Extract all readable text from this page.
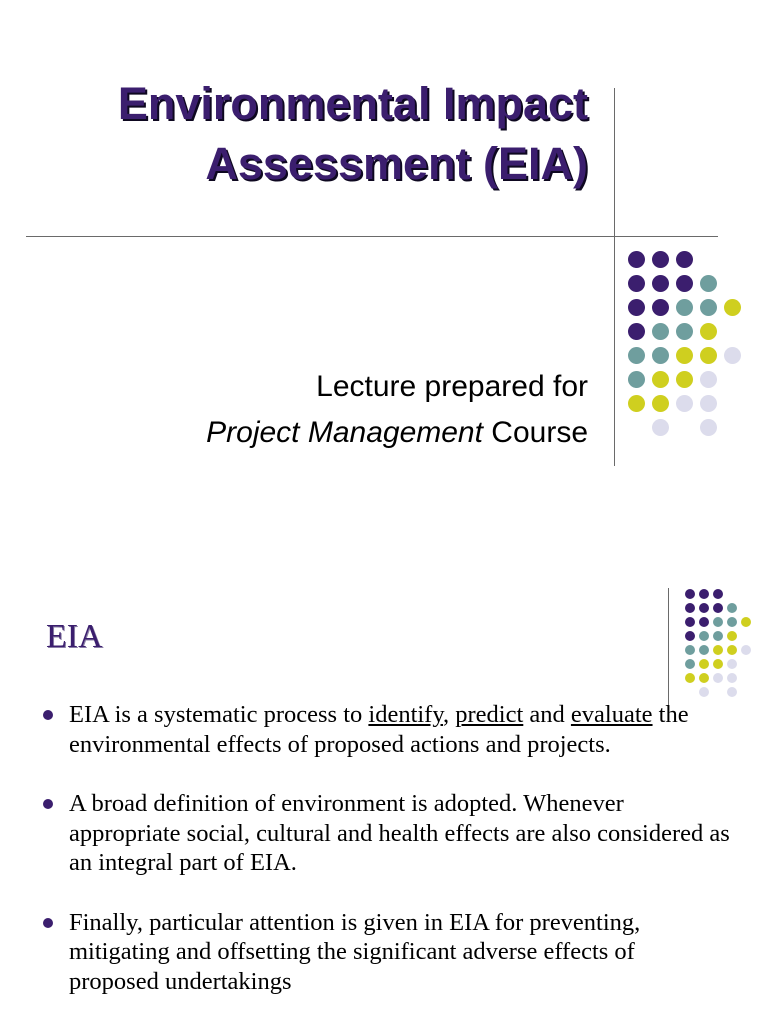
Environmental Impact
Assessment (EIA)
Lecture prepared for
Project Management Course
EIA
EIA is a systematic process to identify, predict and evaluate the environmental effects of proposed actions and projects.
A broad definition of environment is adopted. Whenever appropriate social, cultural and health effects are also considered as an integral part of EIA.
Finally, particular attention is given in EIA for preventing, mitigating and offsetting the significant adverse effects of proposed undertakings
